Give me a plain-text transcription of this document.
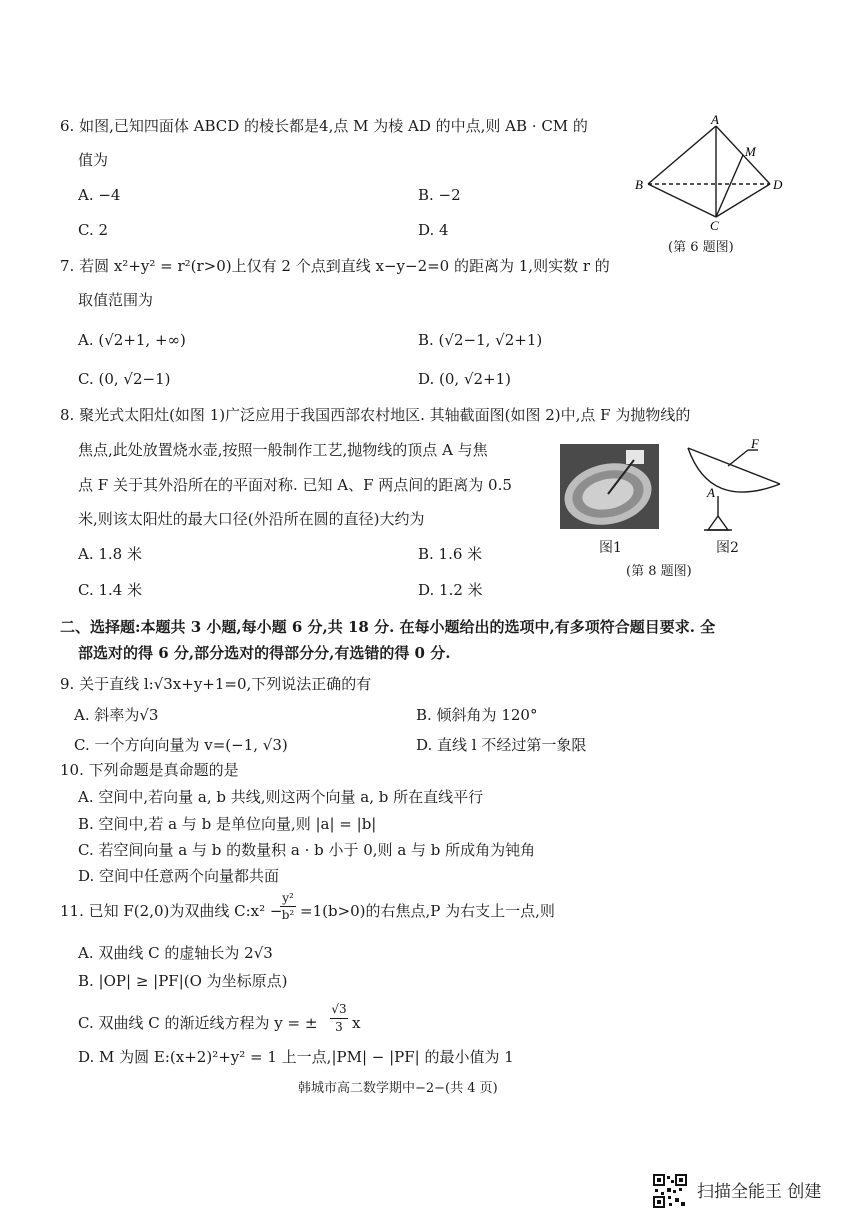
6. 如图,已知四面体 ABCD 的棱长都是4,点 M 为棱 AD 的中点,则 AB · CM 的
值为
A. −4	B. −2
C. 2	D. 4
A
M
B	D
C
(第 6 题图)
7. 若圆 x²+y² = r²(r>0)上仅有 2 个点到直线 x−y−2=0 的距离为 1,则实数 r 的
取值范围为
A. (√2+1, +∞)	B. (√2−1, √2+1)
C. (0, √2−1)	D. (0, √2+1)
8. 聚光式太阳灶(如图 1)广泛应用于我国西部农村地区. 其轴截面图(如图 2)中,点 F 为抛物线的
焦点,此处放置烧水壶,按照一般制作工艺,抛物线的顶点 A 与焦
点 F 关于其外沿所在的平面对称. 已知 A、F 两点间的距离为 0.5
米,则该太阳灶的最大口径(外沿所在圆的直径)大约为
A. 1.8 米	B. 1.6 米
C. 1.4 米	D. 1.2 米
图1
F
A
图2
(第 8 题图)
二、选择题:本题共 3 小题,每小题 6 分,共 18 分. 在每小题给出的选项中,有多项符合题目要求. 全
部选对的得 6 分,部分选对的得部分分,有选错的得 0 分.
9. 关于直线 l:√3x+y+1=0,下列说法正确的有
A. 斜率为√3	B. 倾斜角为 120°
C. 一个方向向量为 v=(−1, √3)	D. 直线 l 不经过第一象限
10. 下列命题是真命题的是
A. 空间中,若向量 a, b 共线,则这两个向量 a, b 所在直线平行
B. 空间中,若 a 与 b 是单位向量,则 |a| = |b|
C. 若空间向量 a 与 b 的数量积 a · b 小于 0,则 a 与 b 所成角为钝角
D. 空间中任意两个向量都共面
11. 已知 F(2,0)为双曲线 C:x² −
y²
b² =1(b>0)的右焦点,P 为右支上一点,则
A. 双曲线 C 的虚轴长为 2√3
B. |OP| ≥ |PF|(O 为坐标原点)
C. 双曲线 C 的渐近线方程为 y = ±
√3
3 x
D. M 为圆 E:(x+2)²+y² = 1 上一点,|PM| − |PF| 的最小值为 1
韩城市高二数学期中−2−(共 4 页)
扫描全能王 创建
